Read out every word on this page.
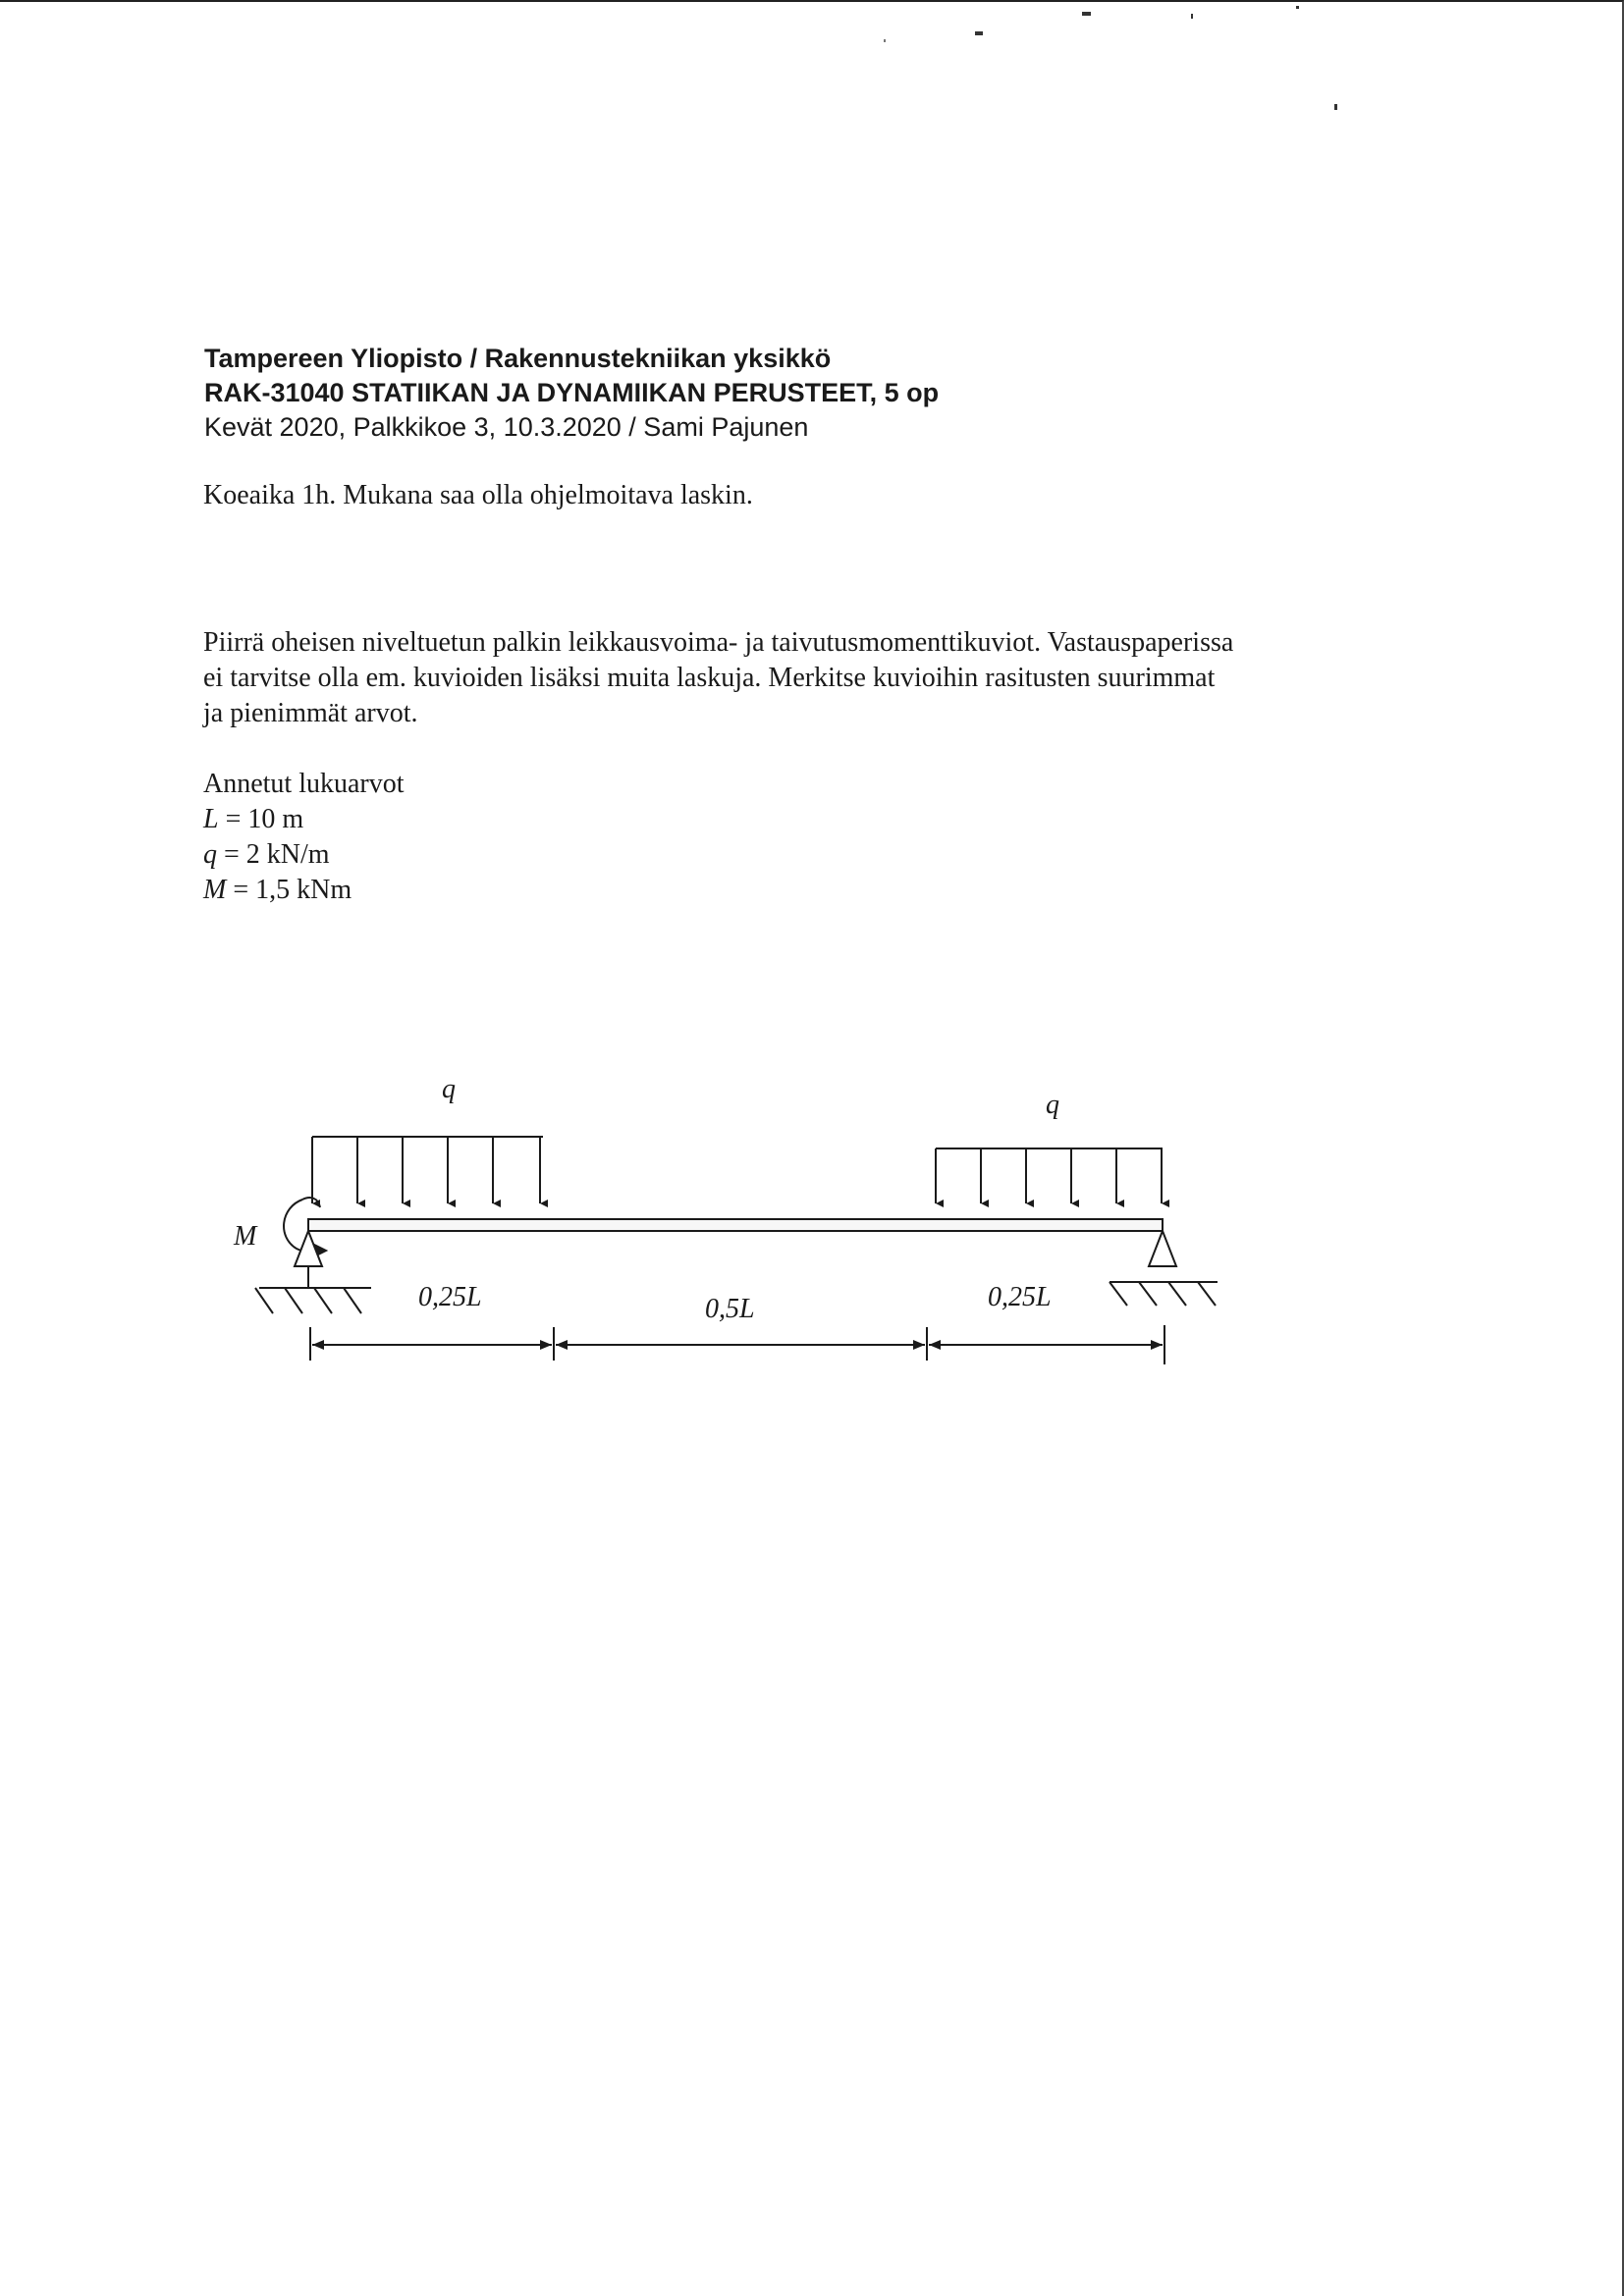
Tampereen Yliopisto / Rakennustekniikan yksikkö

RAK-31040 STATIIKAN JA DYNAMIIKAN PERUSTEET, 5 op

Kevät 2020, Palkkikoe 3, 10.3.2020 / Sami Pajunen

Koeaika 1h. Mukana saa olla ohjelmoitava laskin.
Piirrä oheisen niveltuetun palkin leikkausvoima- ja taivutusmomenttikuviot. Vastauspaperissa
ei tarvitse olla em. kuvioiden lisäksi muita laskuja. Merkitse kuvioihin rasitusten suurimmat
ja pienimmät arvot.
Annetut lukuarvot
L = 10 m
q = 2 kN/m
M = 1,5 kNm
q
q
M
0,25L	0,5L	0,25L
